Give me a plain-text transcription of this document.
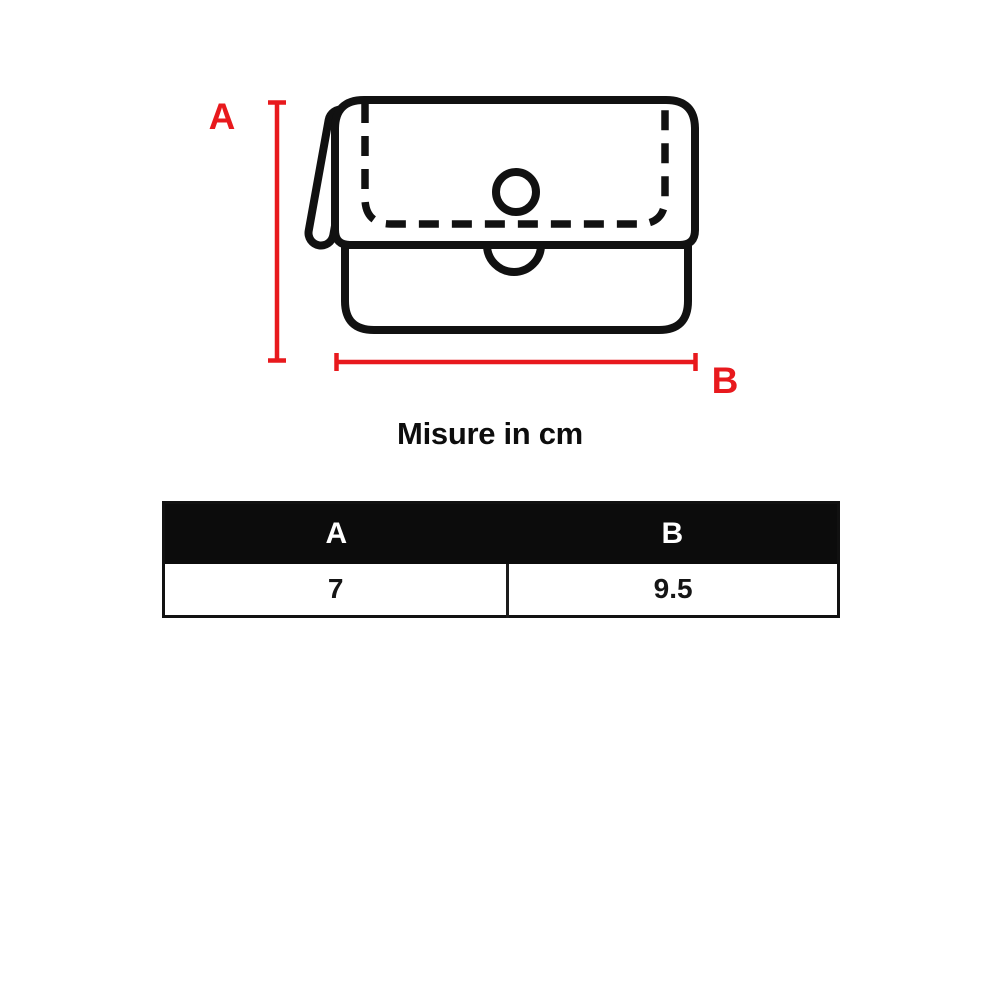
A
B
Misure in cm
A	B
7	9.5
